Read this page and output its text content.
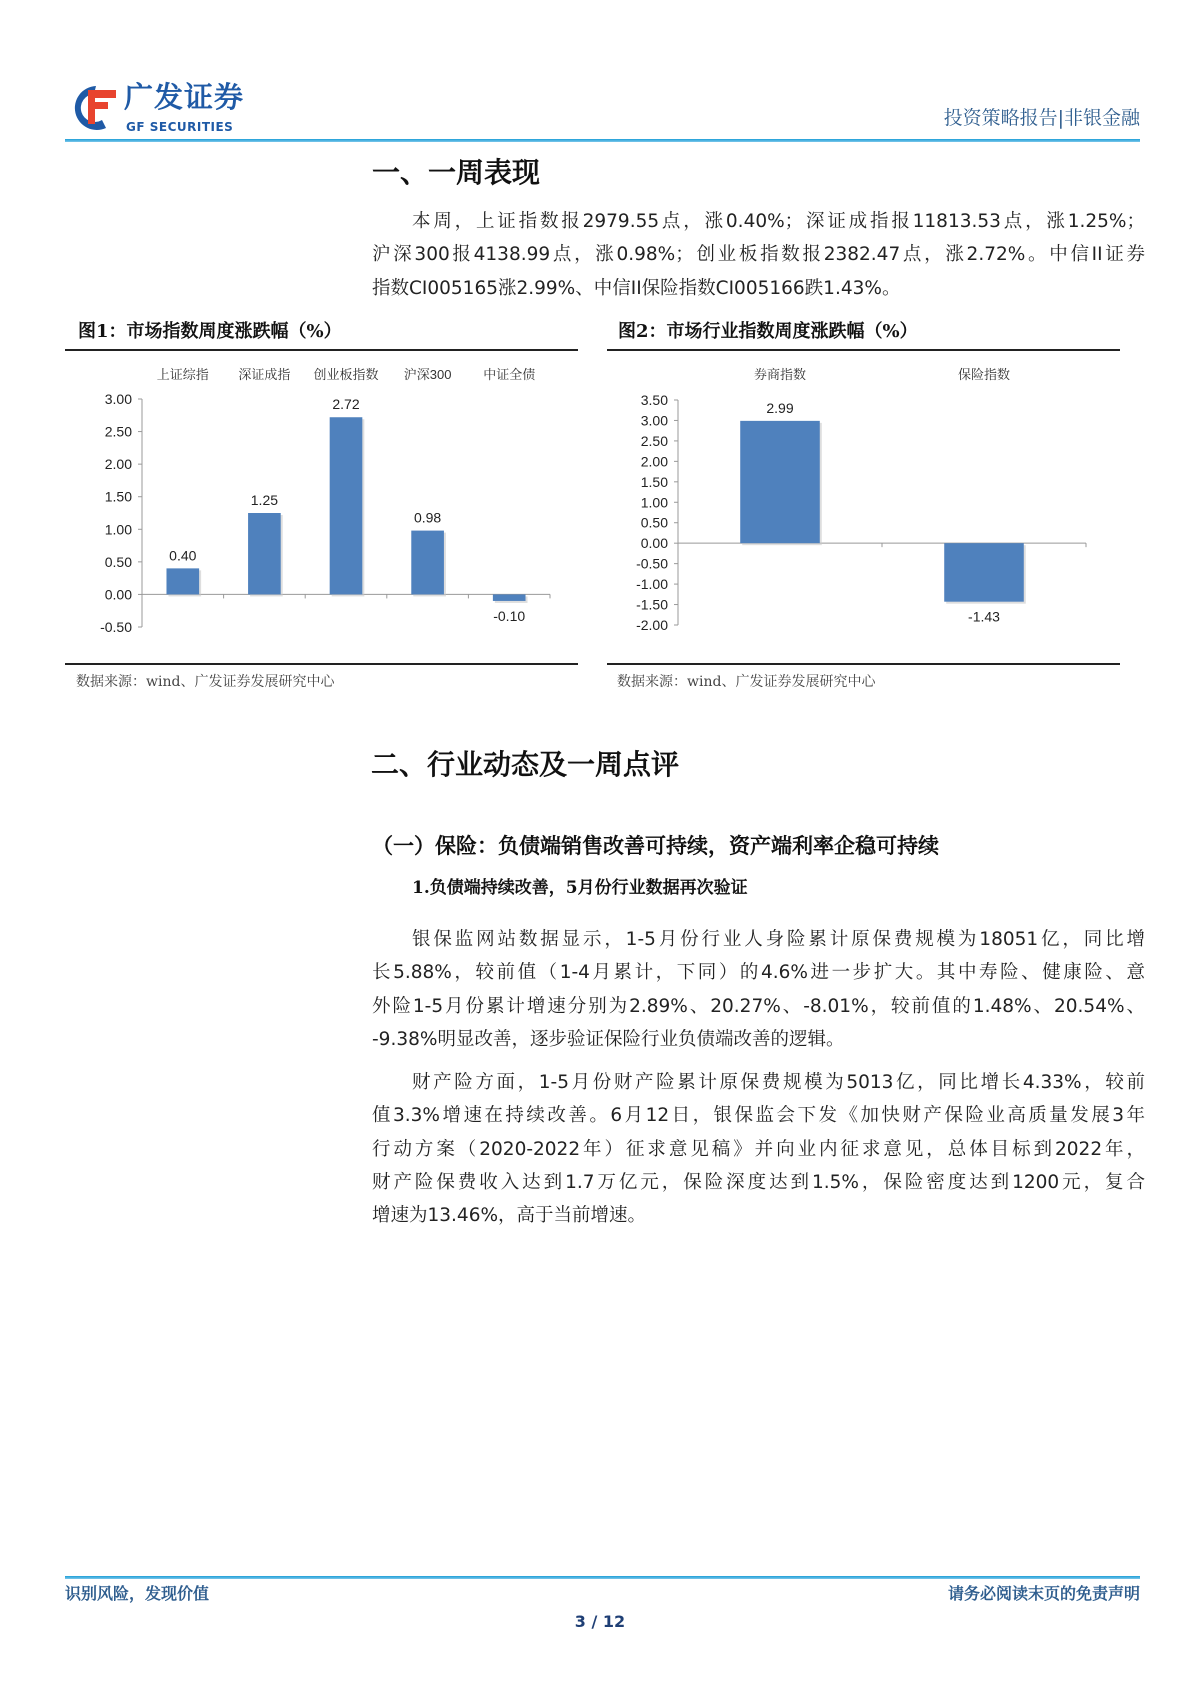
广发证券
GF SECURITIES	投资策略报告|非银金融
一、一周表现
本周，上证指数报2979.55点，涨0.40%；深证成指报11813.53点，涨1.25%；
沪深300报4138.99点，涨0.98%；创业板指数报2382.47点，涨2.72%。中信II证券
指数CI005165涨2.99%、中信II保险指数CI005166跌1.43%。
图1：市场指数周度涨跌幅（%）
3.00
2.50
2.00
1.50
1.00
0.50
0.00
-0.50
0.40
上证综指
1.25
深证成指
2.72
创业板指数
0.98
沪深300
-0.10
中证全债
数据来源：wind、广发证券发展研究中心
图2：市场行业指数周度涨跌幅（%）
3.50
3.00
2.50
2.00
1.50
1.00
0.50
0.00
-0.50
-1.00
-1.50
-2.00
2.99
券商指数
-1.43
保险指数
数据来源：wind、广发证券发展研究中心
二、行业动态及一周点评
（一）保险：负债端销售改善可持续，资产端利率企稳可持续
1.负债端持续改善，5月份行业数据再次验证
银保监网站数据显示，1-5月份行业人身险累计原保费规模为18051亿，同比增
长5.88%，较前值（1-4月累计，下同）的4.6%进一步扩大。其中寿险、健康险、意
外险1-5月份累计增速分别为2.89%、20.27%、-8.01%，较前值的1.48%、20.54%、
-9.38%明显改善，逐步验证保险行业负债端改善的逻辑。
财产险方面，1-5月份财产险累计原保费规模为5013亿，同比增长4.33%，较前
值3.3%增速在持续改善。6月12日，银保监会下发《加快财产保险业高质量发展3年
行动方案（2020-2022年）征求意见稿》并向业内征求意见，总体目标到2022年，
财产险保费收入达到1.7万亿元，保险深度达到1.5%，保险密度达到1200元，复合
增速为13.46%，高于当前增速。
识别风险，发现价值	请务必阅读末页的免责声明
3 / 12
